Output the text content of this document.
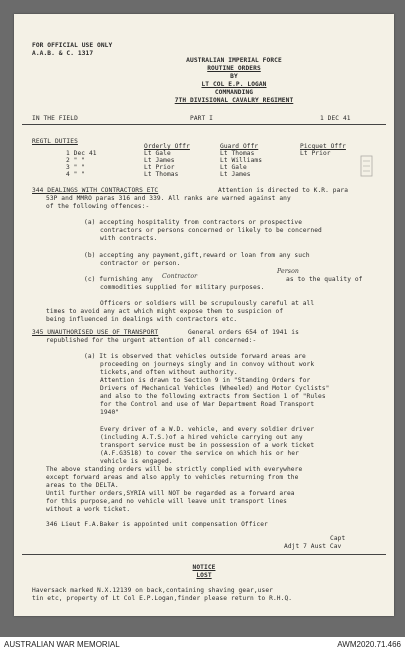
FOR OFFICIAL USE ONLY
A.A.B. & C. 1317
AUSTRALIAN IMPERIAL FORCE
ROUTINE ORDERS
BY
LT COL E.P. LOGAN
COMMANDING
7TH DIVISIONAL CAVALRY REGIMENT
IN THE FIELD	PART I	1 DEC 41
REGTL DUTIES
Orderly Offr	Guard Offr	Picquet Offr
1 Dec 41	Lt Gale	Lt Thomas	Lt Prior
2 " "	Lt James	Lt Williams
3 " "	Lt Prior	Lt Gale
4 " "	Lt Thomas	Lt James
344 DEALINGS WITH CONTRACTORS ETC	Attention is directed to K.R. para
53P and MMRO paras 316 and 339. All ranks are warned against any
of the following offences:-
(a) accepting hospitality from contractors or prospective
contractors or persons concerned or likely to be concerned
with contracts.
(b) accepting any payment,gift,reward or loan from any such
contractor or person.
(c) furnishing any Contractor	as to the quality of
Person
commodities supplied for military purposes.
Officers or soldiers will be scrupulously careful at all
times to avoid any act which might expose them to suspicion of
being influenced in dealings with contractors etc.
345 UNAUTHORISED USE OF TRANSPORT	General orders 654 of 1941 is
republished for the urgent attention of all concerned:-
(a) It is observed that vehicles outside forward areas are
proceeding on journeys singly and in convoy without work
tickets,and often without authority.
Attention is drawn to Section 9 in "Standing Orders for
Drivers of Mechanical Vehicles (Wheeled) and Motor Cyclists"
and also to the following extracts from Section 1 of "Rules
for the Control and use of War Department Road Transport
1940"
Every driver of a W.D. vehicle, and every soldier driver
(including A.T.S.)of a hired vehicle carrying out any
transport service must be in possession of a work ticket
(A.F.G3518) to cover the service on which his or her
vehicle is engaged.
The above standing orders will be strictly complied with everywhere
except forward areas and also apply to vehicles returning from the
areas to the DELTA.
Until further orders,SYRIA will NOT be regarded as a forward area
for this purpose,and no vehicle will leave unit transport lines
without a work ticket.
346 Lieut F.A.Baker is appointed unit compensation Officer
Capt
Adjt 7 Aust Cav
NOTICE
LOST
Haversack marked N.X.12139 on back,containing shaving gear,user
tin etc, property of Lt Col E.P.Logan,finder please return to R.H.Q.
AUSTRALIAN WAR MEMORIAL	AWM2020.71.466
